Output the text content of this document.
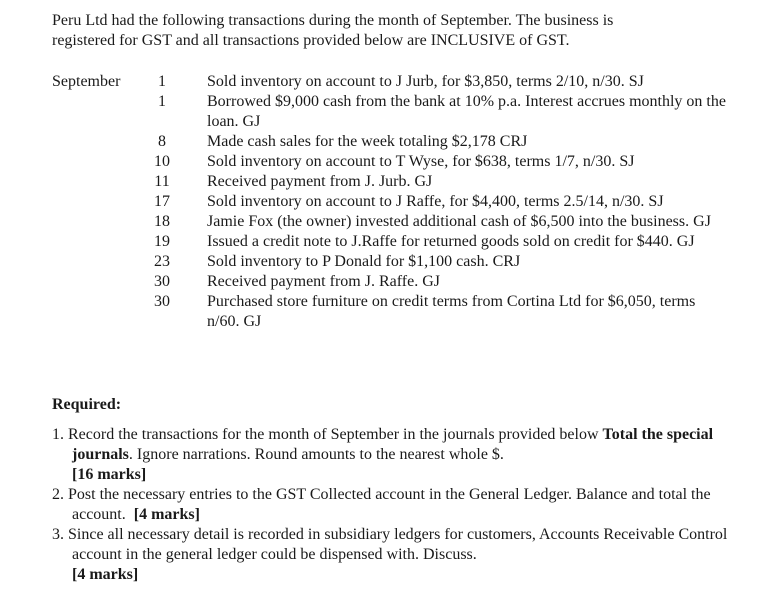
Peru Ltd had the following transactions during the month of September. The business is

registered for GST and all transactions provided below are INCLUSIVE of GST.

September	1	Sold inventory on account to J Jurb, for $3,850, terms 2/10, n/30. SJ
1	Borrowed $9,000 cash from the bank at 10% p.a. Interest accrues monthly on the loan. GJ
8	Made cash sales for the week totaling $2,178 CRJ
10	Sold inventory on account to T Wyse, for $638, terms 1/7, n/30. SJ
11	Received payment from J. Jurb. GJ
17	Sold inventory on account to J Raffe, for $4,400, terms 2.5/14, n/30. SJ
18	Jamie Fox (the owner) invested additional cash of $6,500 into the business. GJ
19	Issued a credit note to J.Raffe for returned goods sold on credit for $440. GJ
23	Sold inventory to P Donald for $1,100 cash. CRJ
30	Received payment from J. Raffe. GJ
30	Purchased store furniture on credit terms from Cortina Ltd for $6,050, terms n/60. GJ
Required:

1. Record the transactions for the month of September in the journals provided below Total the special journals. Ignore narrations. Round amounts to the nearest whole $.
[16 marks]

2. Post the necessary entries to the GST Collected account in the General Ledger. Balance and total the account. [4 marks]

3. Since all necessary detail is recorded in subsidiary ledgers for customers, Accounts Receivable Control account in the general ledger could be dispensed with. Discuss.
[4 marks]
